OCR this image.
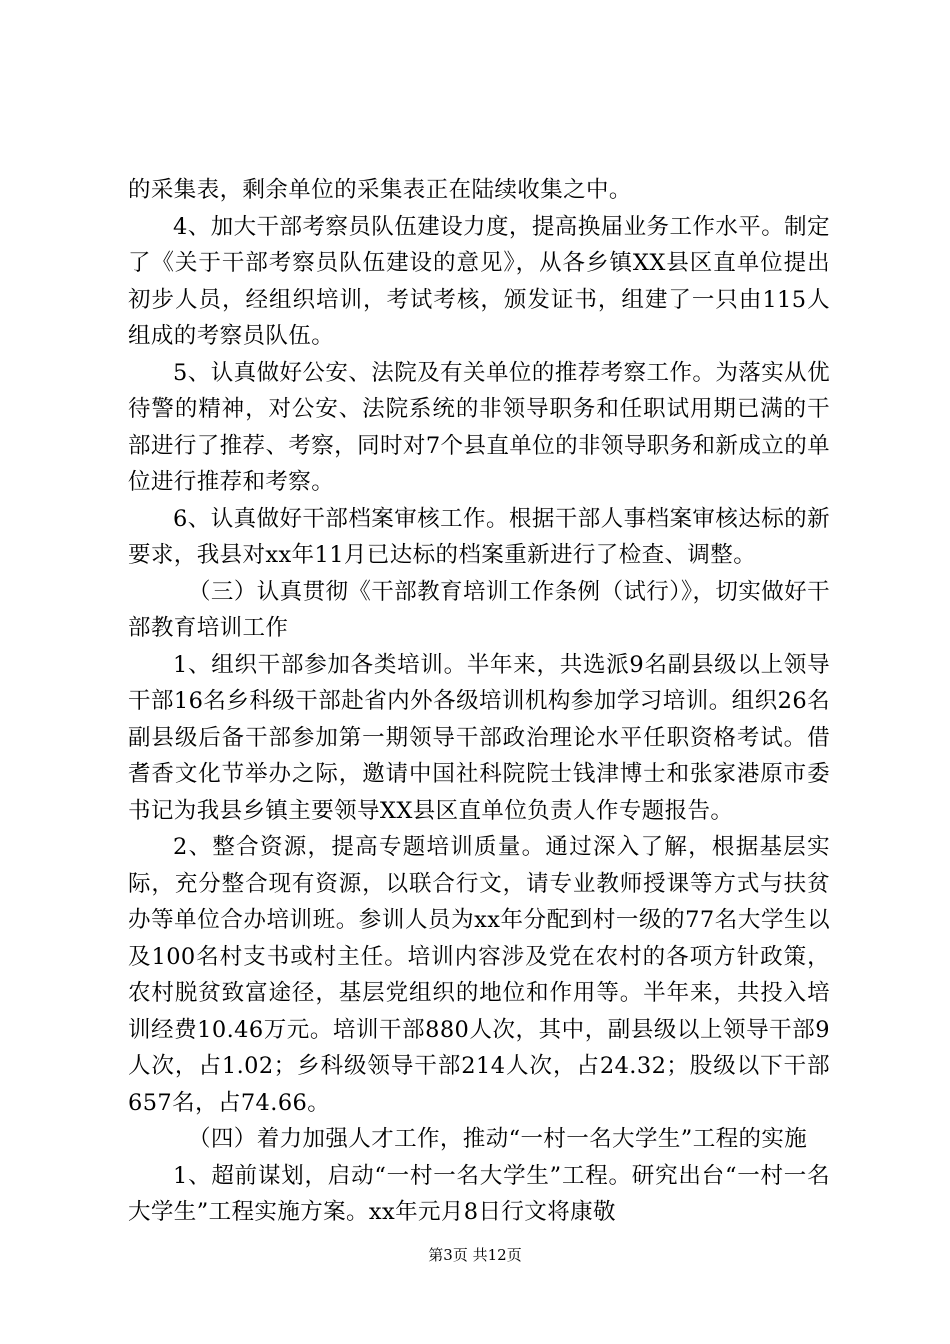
的采集表，剩余单位的采集表正在陆续收集之中。

4、加大干部考察员队伍建设力度，提高换届业务工作水平。制定了《关于干部考察员队伍建设的意见》，从各乡镇XX县区直单位提出初步人员，经组织培训，考试考核，颁发证书，组建了一只由115人组成的考察员队伍。

5、认真做好公安、法院及有关单位的推荐考察工作。为落实从优待警的精神，对公安、法院系统的非领导职务和任职试用期已满的干部进行了推荐、考察，同时对7个县直单位的非领导职务和新成立的单位进行推荐和考察。

6、认真做好干部档案审核工作。根据干部人事档案审核达标的新要求，我县对xx年11月已达标的档案重新进行了检查、调整。

（三）认真贯彻《干部教育培训工作条例（试行）》，切实做好干部教育培训工作

1、组织干部参加各类培训。半年来，共选派9名副县级以上领导干部16名乡科级干部赴省内外各级培训机构参加学习培训。组织26名副县级后备干部参加第一期领导干部政治理论水平任职资格考试。借耆香文化节举办之际，邀请中国社科院院士钱津博士和张家港原市委书记为我县乡镇主要领导XX县区直单位负责人作专题报告。

2、整合资源，提高专题培训质量。通过深入了解，根据基层实际，充分整合现有资源，以联合行文，请专业教师授课等方式与扶贫办等单位合办培训班。参训人员为xx年分配到村一级的77名大学生以及100名村支书或村主任。培训内容涉及党在农村的各项方针政策，农村脱贫致富途径，基层党组织的地位和作用等。半年来，共投入培训经费10.46万元。培训干部880人次，其中，副县级以上领导干部9人次，占1.02；乡科级领导干部214人次，占24.32；股级以下干部657名，占74.66。

（四）着力加强人才工作，推动“一村一名大学生”工程的实施

1、超前谋划，启动“一村一名大学生”工程。研究出台“一村一名大学生”工程实施方案。xx年元月8日行文将康敬

第3页 共12页
